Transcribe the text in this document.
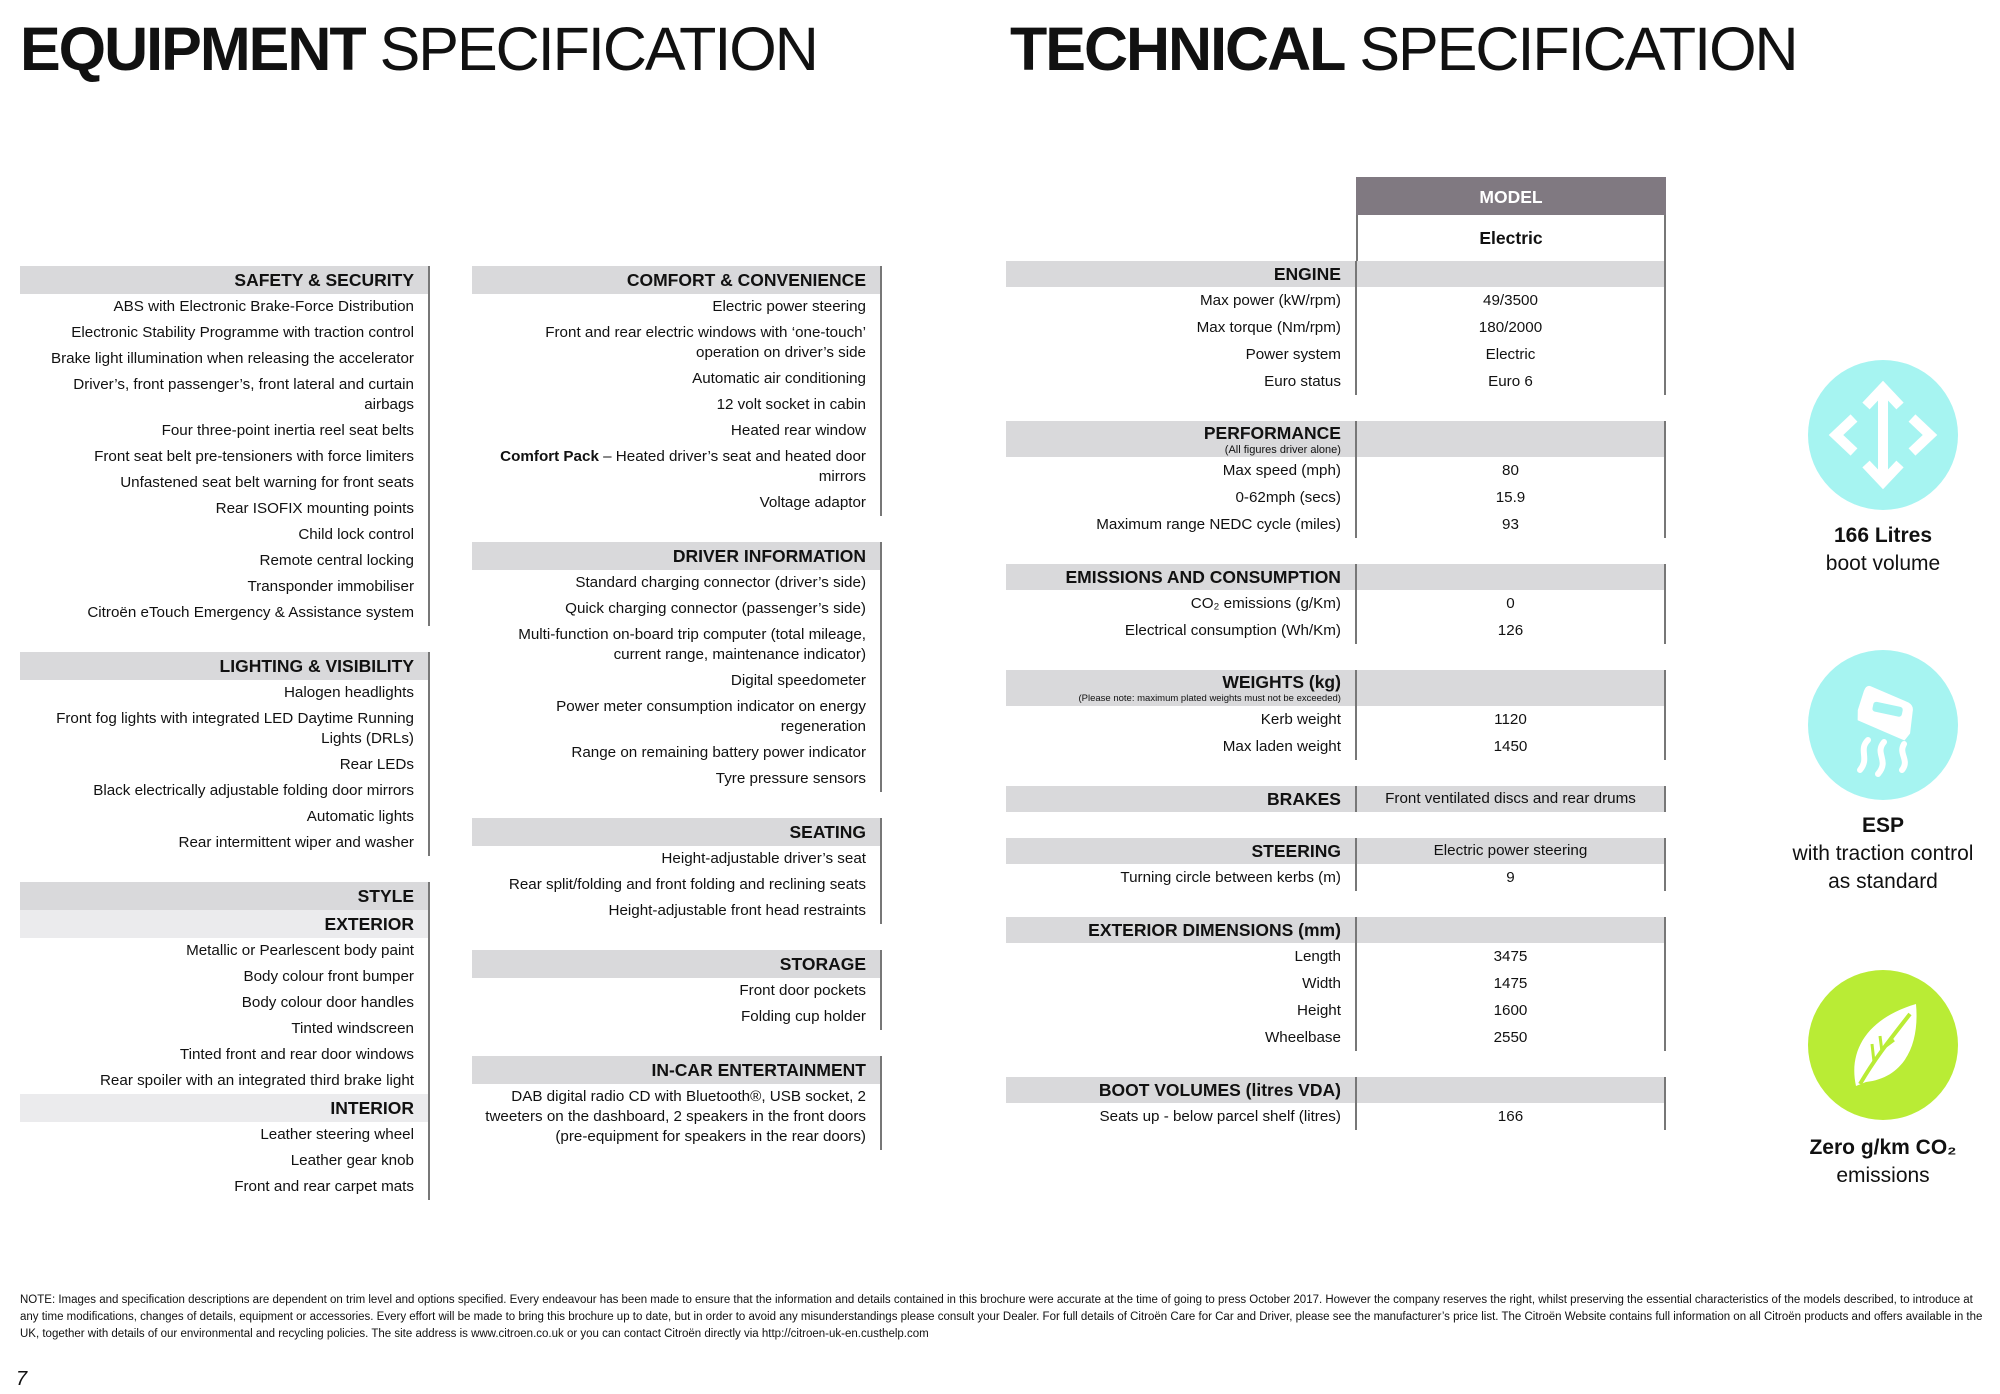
EQUIPMENT SPECIFICATION	TECHNICAL SPECIFICATION
SAFETY & SECURITY
ABS with Electronic Brake-Force Distribution
Electronic Stability Programme with traction control
Brake light illumination when releasing the accelerator
Driver’s, front passenger’s, front lateral and curtain airbags
Four three-point inertia reel seat belts
Front seat belt pre-tensioners with force limiters
Unfastened seat belt warning for front seats
Rear ISOFIX mounting points
Child lock control
Remote central locking
Transponder immobiliser
Citroën eTouch Emergency & Assistance system
LIGHTING & VISIBILITY
Halogen headlights
Front fog lights with integrated LED Daytime Running Lights (DRLs)
Rear LEDs
Black electrically adjustable folding door mirrors
Automatic lights
Rear intermittent wiper and washer
STYLE
EXTERIOR
Metallic or Pearlescent body paint
Body colour front bumper
Body colour door handles
Tinted windscreen
Tinted front and rear door windows
Rear spoiler with an integrated third brake light
INTERIOR
Leather steering wheel
Leather gear knob
Front and rear carpet mats
COMFORT & CONVENIENCE
Electric power steering
Front and rear electric windows with ‘one-touch’ operation on driver’s side
Automatic air conditioning
12 volt socket in cabin
Heated rear window
Comfort Pack – Heated driver’s seat and heated door mirrors
Voltage adaptor
DRIVER INFORMATION
Standard charging connector (driver’s side)
Quick charging connector (passenger’s side)
Multi-function on-board trip computer (total mileage, current range, maintenance indicator)
Digital speedometer
Power meter consumption indicator on energy regeneration
Range on remaining battery power indicator
Tyre pressure sensors
SEATING
Height-adjustable driver’s seat
Rear split/folding and front folding and reclining seats
Height-adjustable front head restraints
STORAGE
Front door pockets
Folding cup holder
IN-CAR ENTERTAINMENT
DAB digital radio CD with Bluetooth®, USB socket, 2 tweeters on the dashboard, 2 speakers in the front doors (pre-equipment for speakers in the rear doors)
MODEL
Electric
ENGINE
Max power (kW/rpm)	49/3500
Max torque (Nm/rpm)	180/2000
Power system	Electric
Euro status	Euro 6
PERFORMANCE
(All figures driver alone)
Max speed (mph)	80
0-62mph (secs)	15.9
Maximum range NEDC cycle (miles)	93
EMISSIONS AND CONSUMPTION
CO₂ emissions (g/Km)	0
Electrical consumption (Wh/Km)	126
WEIGHTS (kg)
(Please note: maximum plated weights must not be exceeded)
Kerb weight	1120
Max laden weight	1450
BRAKES	Front ventilated discs and rear drums
STEERING	Electric power steering
Turning circle between kerbs (m)	9
EXTERIOR DIMENSIONS (mm)
Length	3475
Width	1475
Height	1600
Wheelbase	2550
BOOT VOLUMES (litres VDA)
Seats up - below parcel shelf (litres)	166
166 Litres
boot volume
ESP
with traction control as standard
Zero g/km CO₂
emissions
NOTE: Images and specification descriptions are dependent on trim level and options specified. Every endeavour has been made to ensure that the information and details contained in this brochure were accurate at the time of going to press October 2017. However the company reserves the right, whilst preserving the essential characteristics of the models described, to introduce at any time modifications, changes of details, equipment or accessories. Every effort will be made to bring this brochure up to date, but in order to avoid any misunderstandings please consult your Dealer. For full details of Citroën Care for Car and Driver, please see the manufacturer’s price list. The Citroën Website contains full information on all Citroën products and offers available in the UK, together with details of our environmental and recycling policies. The site address is www.citroen.co.uk or you can contact Citroën directly via http://citroen-uk-en.custhelp.com
7
